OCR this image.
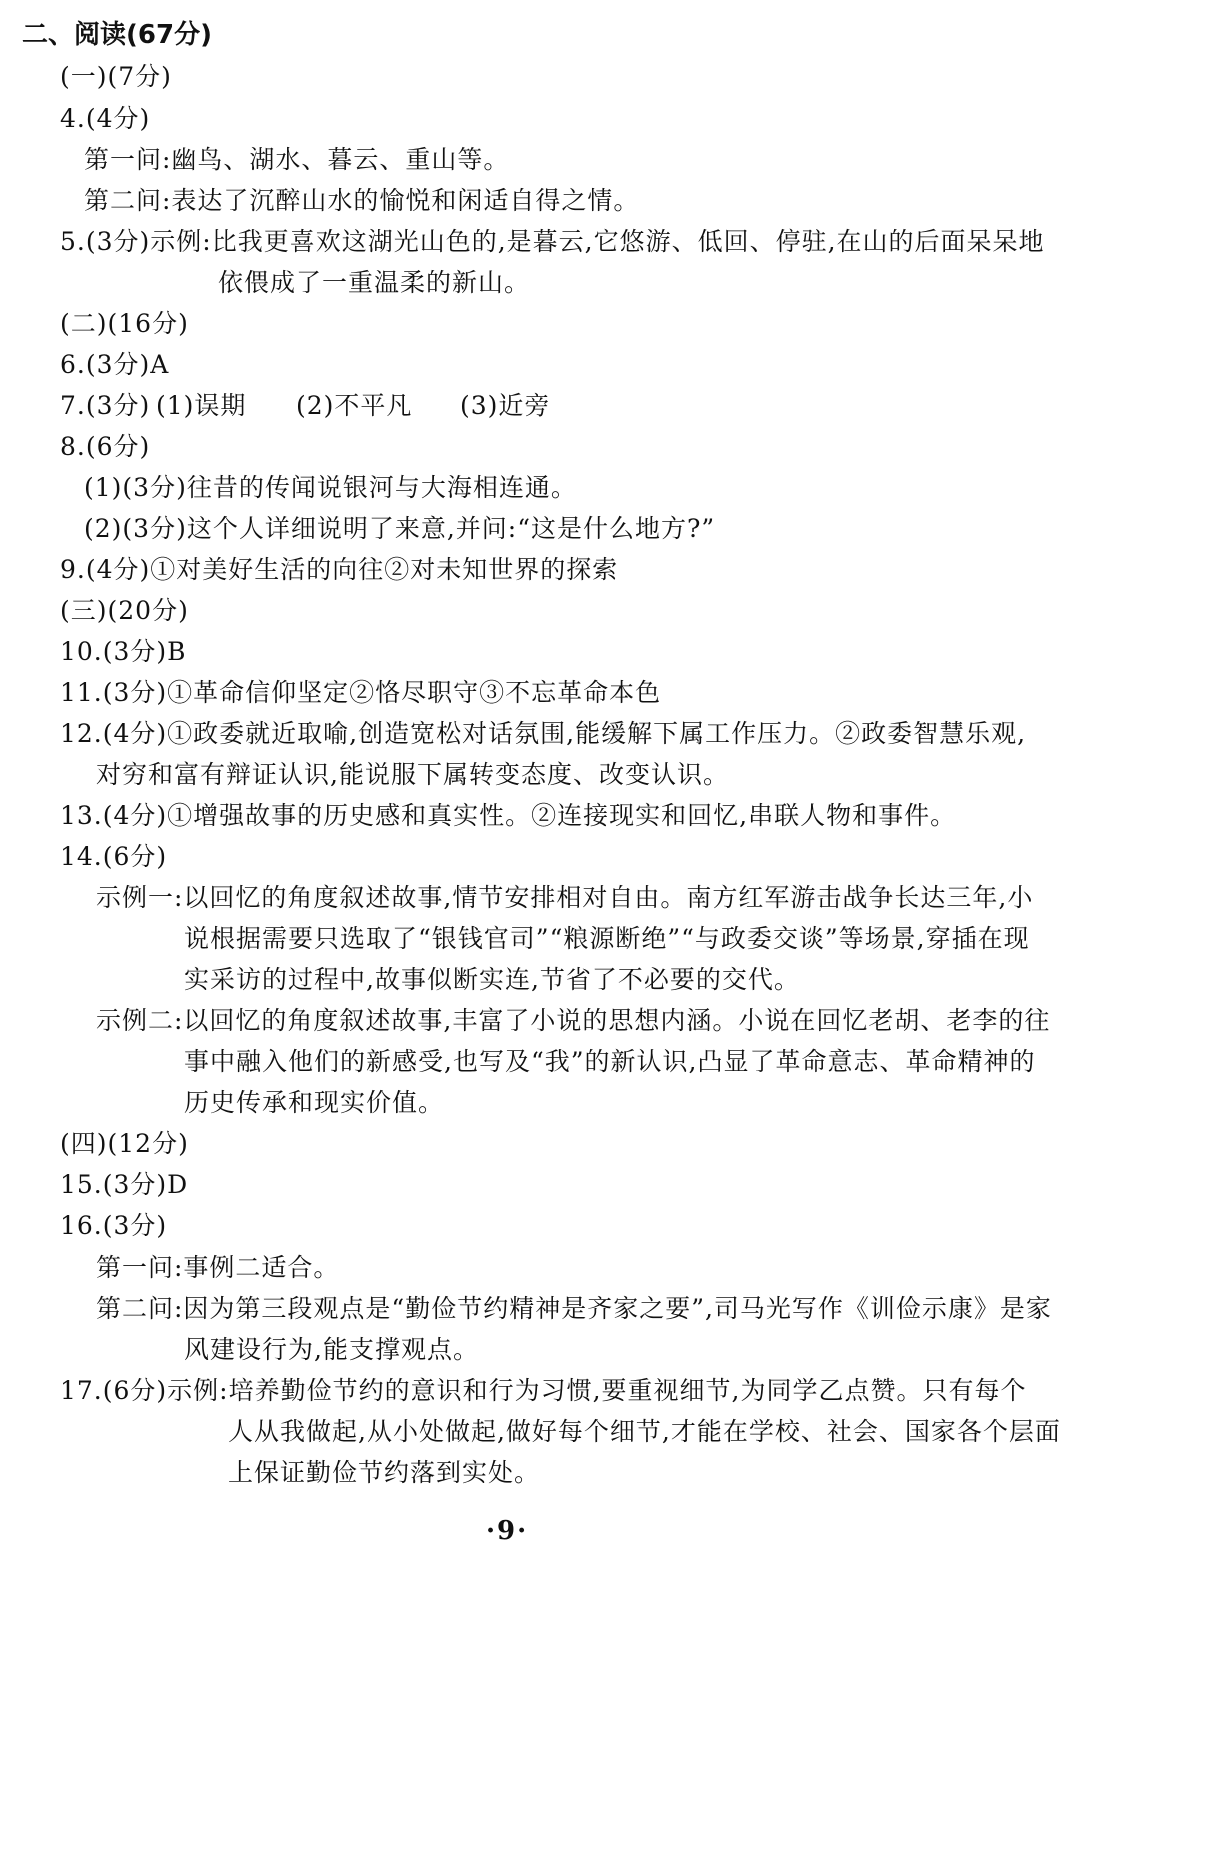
二、阅读(67分)
(一)(7分)
4.(4分)
第一问:幽鸟、湖水、暮云、重山等。
第二问:表达了沉醉山水的愉悦和闲适自得之情。
5.(3分)示例:比我更喜欢这湖光山色的,是暮云,它悠游、低回、停驻,在山的后面呆呆地
依偎成了一重温柔的新山。
(二)(16分)
6.(3分)A
7.(3分) (1)误期 (2)不平凡 (3)近旁
8.(6分)
(1)(3分)往昔的传闻说银河与大海相连通。
(2)(3分)这个人详细说明了来意,并问:“这是什么地方?”
9.(4分)①对美好生活的向往②对未知世界的探索
(三)(20分)
10.(3分)B
11.(3分)①革命信仰坚定②恪尽职守③不忘革命本色
12.(4分)①政委就近取喻,创造宽松对话氛围,能缓解下属工作压力。②政委智慧乐观,
对穷和富有辩证认识,能说服下属转变态度、改变认识。
13.(4分)①增强故事的历史感和真实性。②连接现实和回忆,串联人物和事件。
14.(6分)
示例一:以回忆的角度叙述故事,情节安排相对自由。南方红军游击战争长达三年,小
说根据需要只选取了“银钱官司”“粮源断绝”“与政委交谈”等场景,穿插在现
实采访的过程中,故事似断实连,节省了不必要的交代。
示例二:以回忆的角度叙述故事,丰富了小说的思想内涵。小说在回忆老胡、老李的往
事中融入他们的新感受,也写及“我”的新认识,凸显了革命意志、革命精神的
历史传承和现实价值。
(四)(12分)
15.(3分)D
16.(3分)
第一问:事例二适合。
第二问:因为第三段观点是“勤俭节约精神是齐家之要”,司马光写作《训俭示康》是家
风建设行为,能支撑观点。
17.(6分)示例:培养勤俭节约的意识和行为习惯,要重视细节,为同学乙点赞。只有每个
人从我做起,从小处做起,做好每个细节,才能在学校、社会、国家各个层面
上保证勤俭节约落到实处。
·9·
